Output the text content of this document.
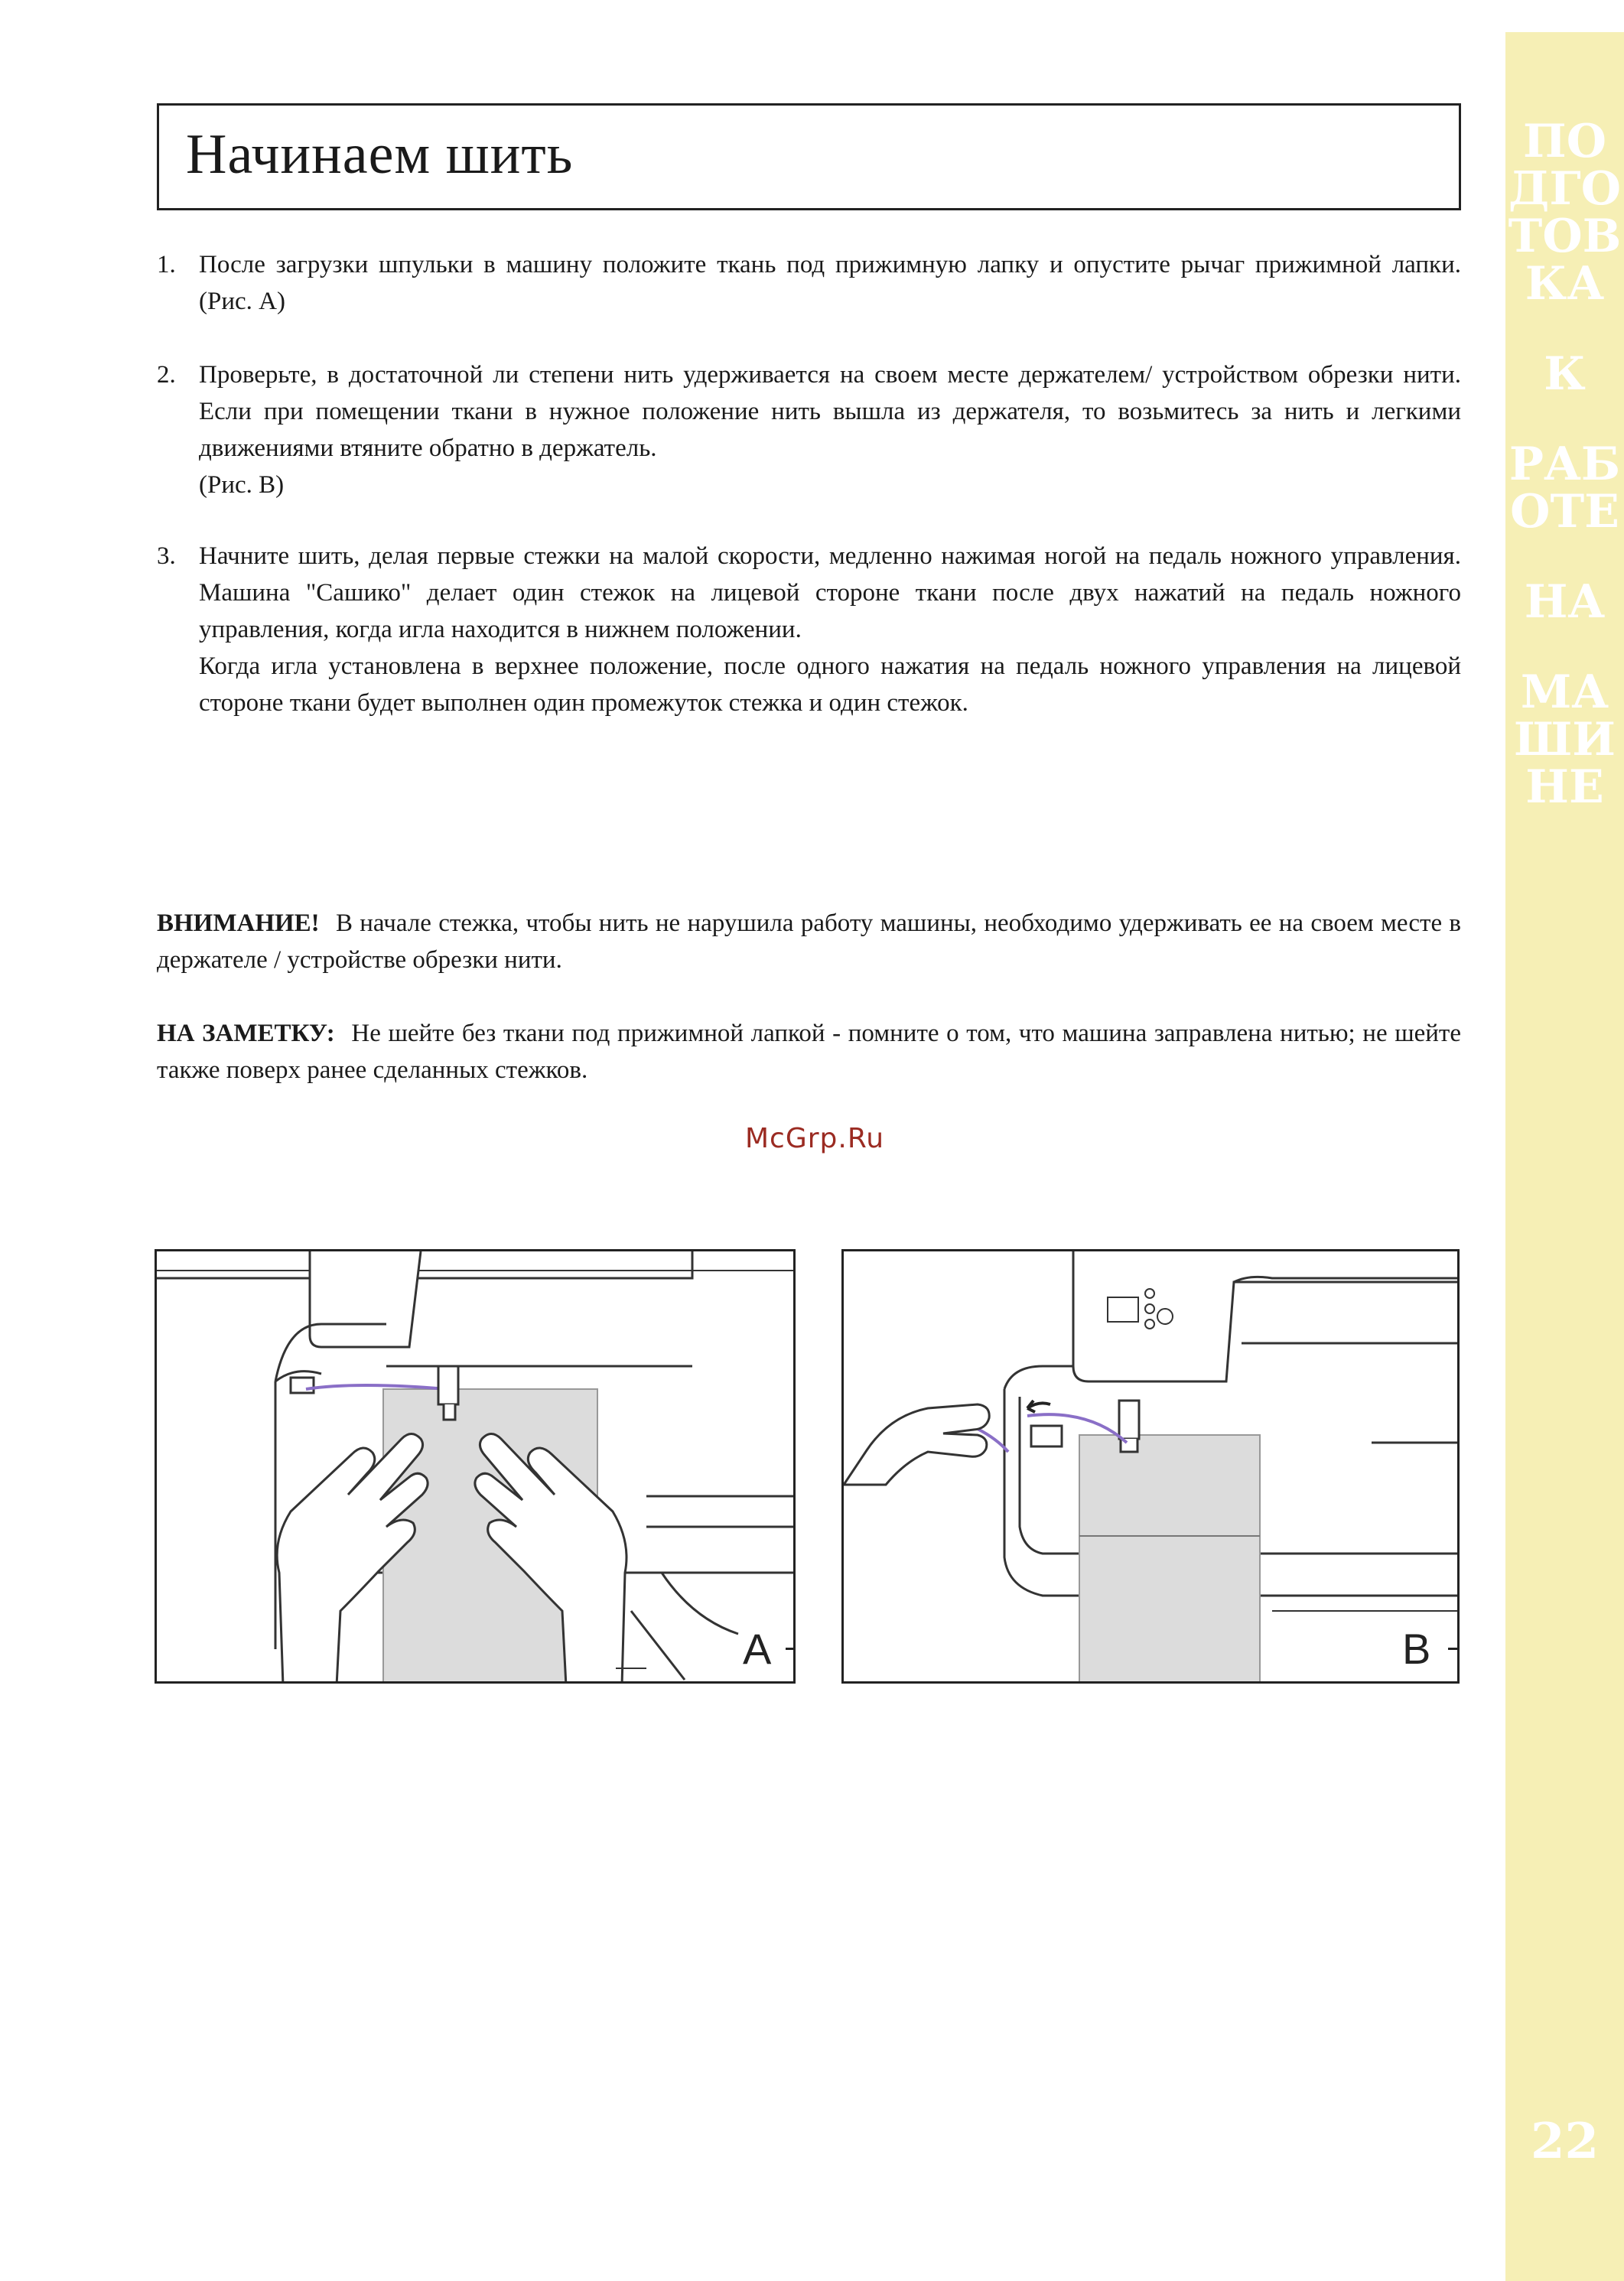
Начинаем шить
1. После загрузки шпульки в машину положите ткань под прижимную лапку и опустите рычаг прижимной лапки. (Рис. А)

2. Проверьте, в достаточной ли степени нить удерживается на своем месте держателем/ устройством обрезки нити. Если при помещении ткани в нужное положение нить вышла из держателя, то возьмитесь за нить и легкими движениями втяните обратно в держатель.

(Рис. В)

3. Начните шить, делая первые стежки на малой скорости, медленно нажимая ногой на педаль ножного управления. Машина "Сашико" делает один стежок на лицевой стороне ткани после двух нажатий на педаль ножного управления, когда игла находится в нижнем положении.

Когда игла установлена в верхнее положение, после одного нажатия на педаль ножного управления на лицевой стороне ткани будет выполнен один промежуток стежка и один стежок.

ВНИМАНИЕ! В начале стежка, чтобы нить не нарушила работу машины, необходимо удерживать ее на своем месте в держателе / устройстве обрезки нити.

НА ЗАМЕТКУ: Не шейте без ткани под прижимной лапкой - помните о том, что машина заправлена нитью; не шейте также поверх ранее сделанных стежков.

McGrp.Ru
A	B
ПОДГОТОВКА
К
РАБОТЕ
НА
МАШИНЕ
22
